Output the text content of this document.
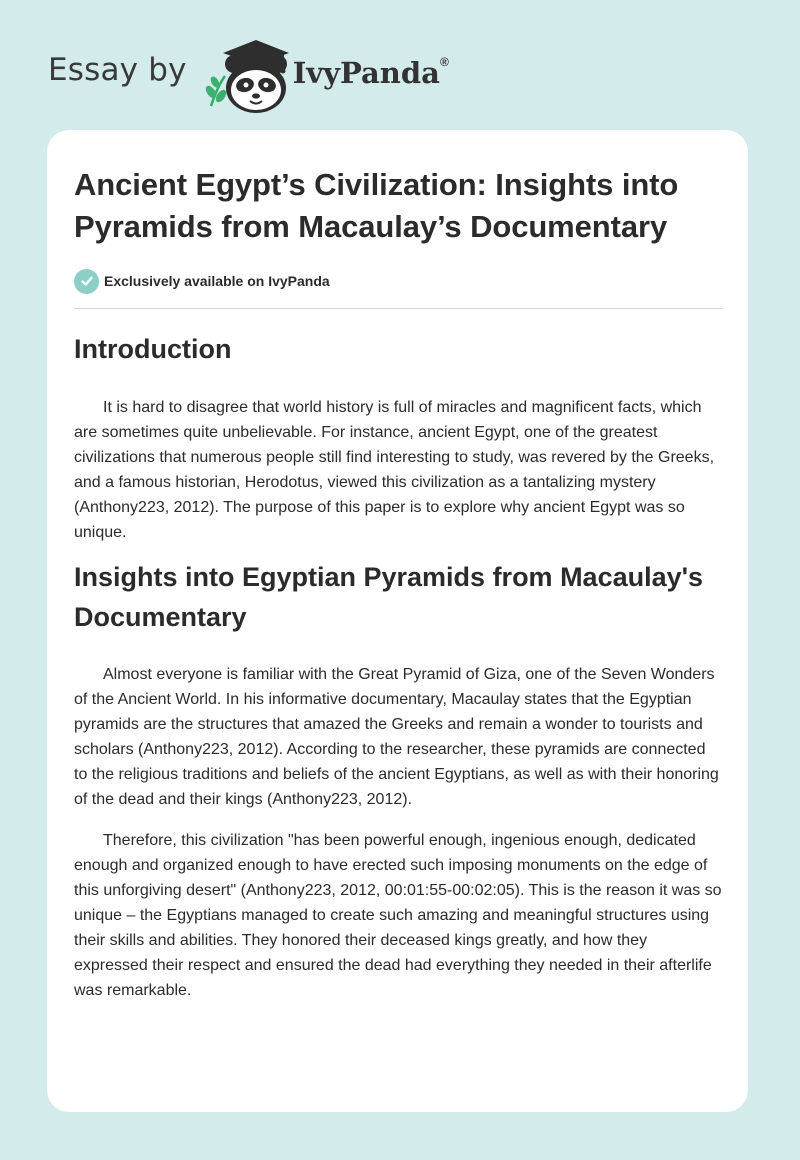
Essay by	IvyPanda®
Ancient Egypt’s Civilization: Insights into Pyramids from Macaulay’s Documentary
Exclusively available on IvyPanda
Introduction

It is hard to disagree that world history is full of miracles and magnificent facts, which are sometimes quite unbelievable. For instance, ancient Egypt, one of the greatest civilizations that numerous people still find interesting to study, was revered by the Greeks, and a famous historian, Herodotus, viewed this civilization as a tantalizing mystery (Anthony223, 2012). The purpose of this paper is to explore why ancient Egypt was so unique.

Insights into Egyptian Pyramids from Macaulay's Documentary

Almost everyone is familiar with the Great Pyramid of Giza, one of the Seven Wonders of the Ancient World. In his informative documentary, Macaulay states that the Egyptian pyramids are the structures that amazed the Greeks and remain a wonder to tourists and scholars (Anthony223, 2012). According to the researcher, these pyramids are connected to the religious traditions and beliefs of the ancient Egyptians, as well as with their honoring of the dead and their kings (Anthony223, 2012).

Therefore, this civilization "has been powerful enough, ingenious enough, dedicated enough and organized enough to have erected such imposing monuments on the edge of this unforgiving desert" (Anthony223, 2012, 00:01:55-00:02:05). This is the reason it was so unique – the Egyptians managed to create such amazing and meaningful structures using their skills and abilities. They honored their deceased kings greatly, and how they expressed their respect and ensured the dead had everything they needed in their afterlife was remarkable.
